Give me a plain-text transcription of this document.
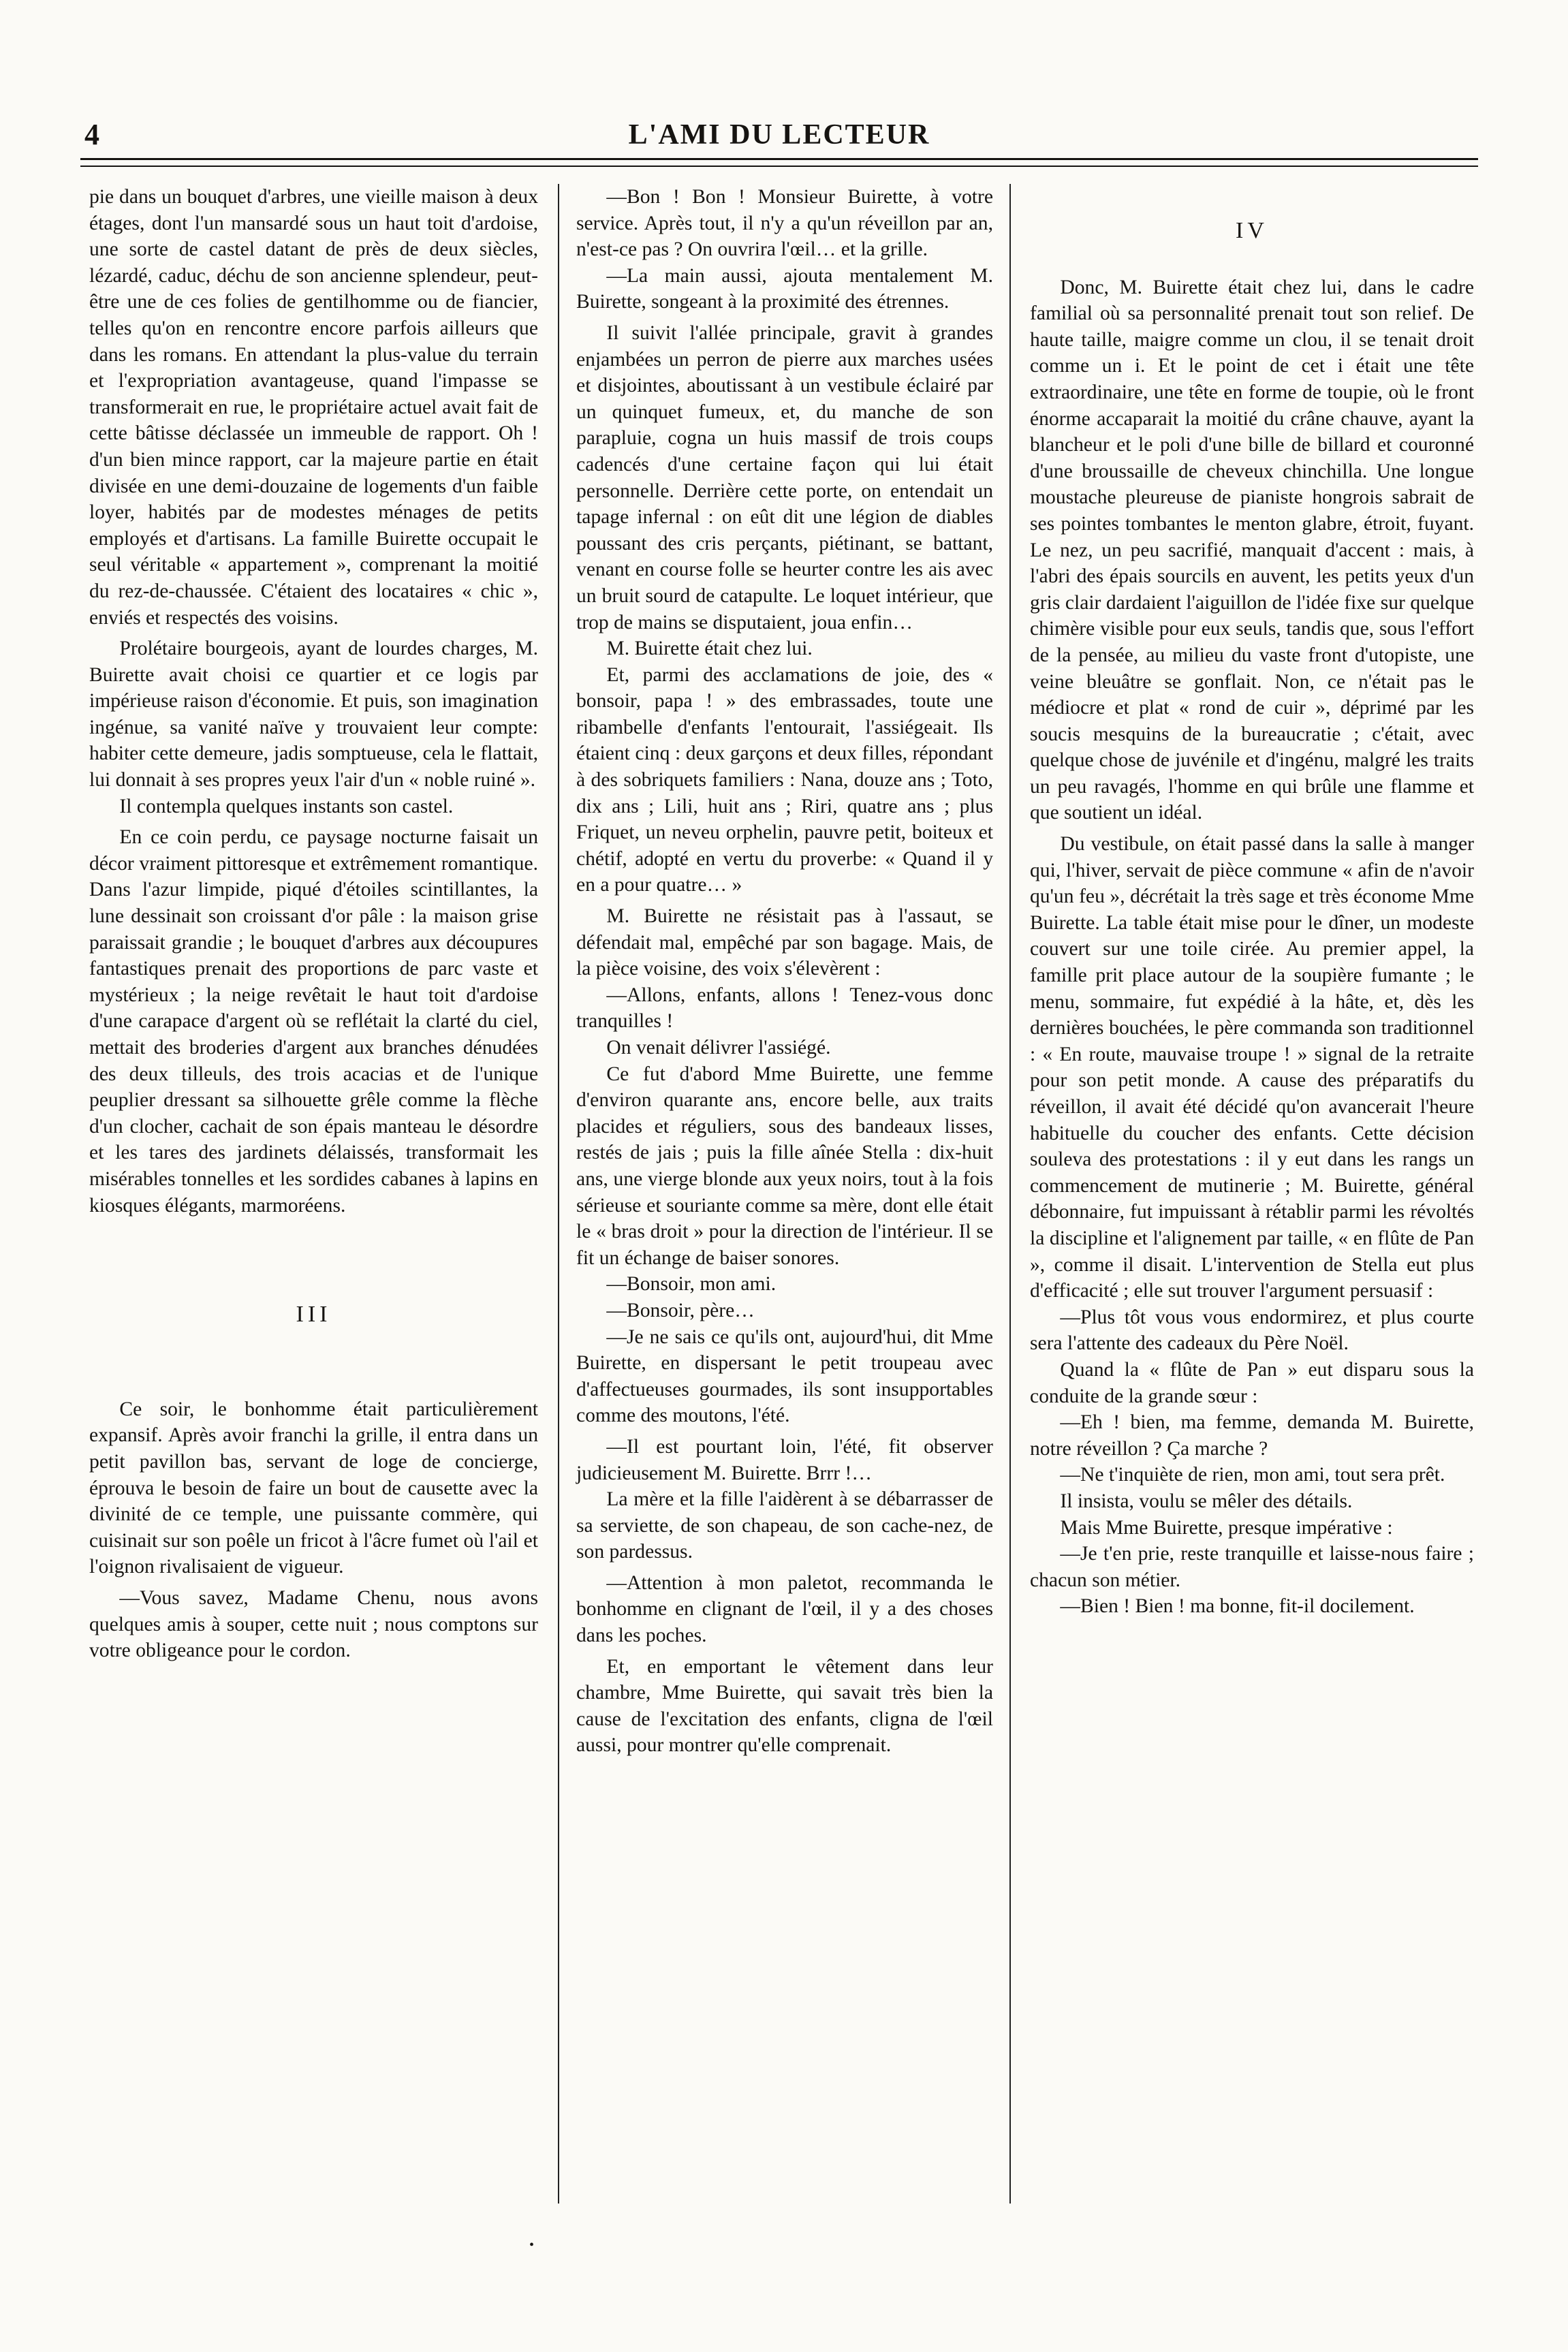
4	L'AMI DU LECTEUR

pie dans un bouquet d'arbres, une vieille maison à deux étages, dont l'un mansardé sous un haut toit d'ardoise, une sorte de castel datant de près de deux siècles, lézardé, caduc, déchu de son ancienne splendeur, peut-être une de ces folies de gentilhomme ou de fiancier, telles qu'on en rencontre encore parfois ailleurs que dans les romans. En attendant la plus-value du terrain et l'expropriation avantageuse, quand l'impasse se transformerait en rue, le propriétaire actuel avait fait de cette bâtisse déclassée un immeuble de rapport. Oh ! d'un bien mince rapport, car la majeure partie en était divisée en une demi-douzaine de logements d'un faible loyer, habités par de modestes ménages de petits employés et d'artisans. La famille Buirette occupait le seul véritable « appartement », comprenant la moitié du rez-de-chaussée. C'étaient des locataires « chic », enviés et respectés des voisins.

Prolétaire bourgeois, ayant de lourdes charges, M. Buirette avait choisi ce quartier et ce logis par impérieuse raison d'économie. Et puis, son imagination ingénue, sa vanité naïve y trouvaient leur compte: habiter cette demeure, jadis somptueuse, cela le flattait, lui donnait à ses propres yeux l'air d'un « noble ruiné ».

Il contempla quelques instants son castel.

En ce coin perdu, ce paysage nocturne faisait un décor vraiment pittoresque et extrêmement romantique. Dans l'azur limpide, piqué d'étoiles scintillantes, la lune dessinait son croissant d'or pâle : la maison grise paraissait grandie ; le bouquet d'arbres aux découpures fantastiques prenait des proportions de parc vaste et mystérieux ; la neige revêtait le haut toit d'ardoise d'une carapace d'argent où se reflétait la clarté du ciel, mettait des broderies d'argent aux branches dénudées des deux tilleuls, des trois acacias et de l'unique peuplier dressant sa silhouette grêle comme la flèche d'un clocher, cachait de son épais manteau le désordre et les tares des jardinets délaissés, transformait les misérables tonnelles et les sordides cabanes à lapins en kiosques élégants, marmoréens.

III

Ce soir, le bonhomme était particulièrement expansif. Après avoir franchi la grille, il entra dans un petit pavillon bas, servant de loge de concierge, éprouva le besoin de faire un bout de causette avec la divinité de ce temple, une puissante commère, qui cuisinait sur son poêle un fricot à l'âcre fumet où l'ail et l'oignon rivalisaient de vigueur.

—Vous savez, Madame Chenu, nous avons quelques amis à souper, cette nuit ; nous comptons sur votre obligeance pour le cordon.

—Bon ! Bon ! Monsieur Buirette, à votre service. Après tout, il n'y a qu'un réveillon par an, n'est-ce pas ? On ouvrira l'œil… et la grille.

—La main aussi, ajouta mentalement M. Buirette, songeant à la proximité des étrennes.

Il suivit l'allée principale, gravit à grandes enjambées un perron de pierre aux marches usées et disjointes, aboutissant à un vestibule éclairé par un quinquet fumeux, et, du manche de son parapluie, cogna un huis massif de trois coups cadencés d'une certaine façon qui lui était personnelle. Derrière cette porte, on entendait un tapage infernal : on eût dit une légion de diables poussant des cris perçants, piétinant, se battant, venant en course folle se heurter contre les ais avec un bruit sourd de catapulte. Le loquet intérieur, que trop de mains se disputaient, joua enfin…

M. Buirette était chez lui.

Et, parmi des acclamations de joie, des « bonsoir, papa ! » des embrassades, toute une ribambelle d'enfants l'entourait, l'assiégeait. Ils étaient cinq : deux garçons et deux filles, répondant à des sobriquets familiers : Nana, douze ans ; Toto, dix ans ; Lili, huit ans ; Riri, quatre ans ; plus Friquet, un neveu orphelin, pauvre petit, boiteux et chétif, adopté en vertu du proverbe: « Quand il y en a pour quatre… »

M. Buirette ne résistait pas à l'assaut, se défendait mal, empêché par son bagage. Mais, de la pièce voisine, des voix s'élevèrent :

—Allons, enfants, allons ! Tenez-vous donc tranquilles !

On venait délivrer l'assiégé.

Ce fut d'abord Mme Buirette, une femme d'environ quarante ans, encore belle, aux traits placides et réguliers, sous des bandeaux lisses, restés de jais ; puis la fille aînée Stella : dix-huit ans, une vierge blonde aux yeux noirs, tout à la fois sérieuse et souriante comme sa mère, dont elle était le « bras droit » pour la direction de l'intérieur. Il se fit un échange de baiser sonores.

—Bonsoir, mon ami.

—Bonsoir, père…

—Je ne sais ce qu'ils ont, aujourd'hui, dit Mme Buirette, en dispersant le petit troupeau avec d'affectueuses gourmades, ils sont insupportables comme des moutons, l'été.

—Il est pourtant loin, l'été, fit observer judicieusement M. Buirette. Brrr !…

La mère et la fille l'aidèrent à se débarrasser de sa serviette, de son chapeau, de son cache-nez, de son pardessus.

—Attention à mon paletot, recommanda le bonhomme en clignant de l'œil, il y a des choses dans les poches.

Et, en emportant le vêtement dans leur chambre, Mme Buirette, qui savait très bien la cause de l'excitation des enfants, cligna de l'œil aussi, pour montrer qu'elle comprenait.

IV

Donc, M. Buirette était chez lui, dans le cadre familial où sa personnalité prenait tout son relief. De haute taille, maigre comme un clou, il se tenait droit comme un i. Et le point de cet i était une tête extraordinaire, une tête en forme de toupie, où le front énorme accaparait la moitié du crâne chauve, ayant la blancheur et le poli d'une bille de billard et couronné d'une broussaille de cheveux chinchilla. Une longue moustache pleureuse de pianiste hongrois sabrait de ses pointes tombantes le menton glabre, étroit, fuyant. Le nez, un peu sacrifié, manquait d'accent : mais, à l'abri des épais sourcils en auvent, les petits yeux d'un gris clair dardaient l'aiguillon de l'idée fixe sur quelque chimère visible pour eux seuls, tandis que, sous l'effort de la pensée, au milieu du vaste front d'utopiste, une veine bleuâtre se gonflait. Non, ce n'était pas le médiocre et plat « rond de cuir », déprimé par les soucis mesquins de la bureaucratie ; c'était, avec quelque chose de juvénile et d'ingénu, malgré les traits un peu ravagés, l'homme en qui brûle une flamme et que soutient un idéal.

Du vestibule, on était passé dans la salle à manger qui, l'hiver, servait de pièce commune « afin de n'avoir qu'un feu », décrétait la très sage et très économe Mme Buirette. La table était mise pour le dîner, un modeste couvert sur une toile cirée. Au premier appel, la famille prit place autour de la soupière fumante ; le menu, sommaire, fut expédié à la hâte, et, dès les dernières bouchées, le père commanda son traditionnel : « En route, mauvaise troupe ! » signal de la retraite pour son petit monde. A cause des préparatifs du réveillon, il avait été décidé qu'on avancerait l'heure habituelle du coucher des enfants. Cette décision souleva des protestations : il y eut dans les rangs un commencement de mutinerie ; M. Buirette, général débonnaire, fut impuissant à rétablir parmi les révoltés la discipline et l'alignement par taille, « en flûte de Pan », comme il disait. L'intervention de Stella eut plus d'efficacité ; elle sut trouver l'argument persuasif :

—Plus tôt vous vous endormirez, et plus courte sera l'attente des cadeaux du Père Noël.

Quand la « flûte de Pan » eut disparu sous la conduite de la grande sœur :

—Eh ! bien, ma femme, demanda M. Buirette, notre réveillon ? Ça marche ?

—Ne t'inquiète de rien, mon ami, tout sera prêt.

Il insista, voulu se mêler des détails.

Mais Mme Buirette, presque impérative :

—Je t'en prie, reste tranquille et laisse-nous faire ; chacun son métier.

—Bien ! Bien ! ma bonne, fit-il docilement.

•
